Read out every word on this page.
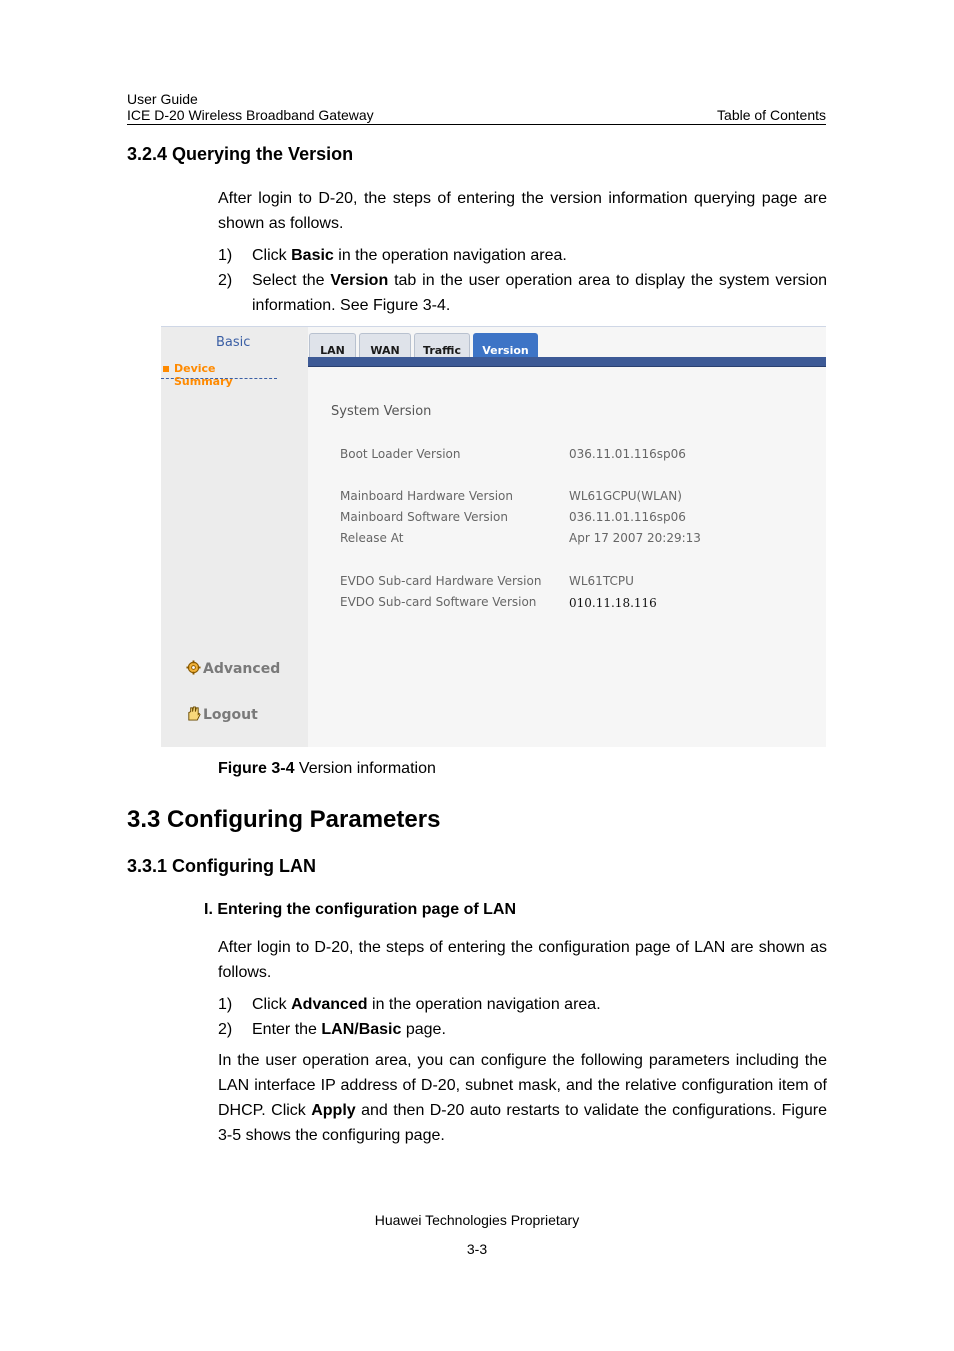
User Guide
ICE D-20 Wireless Broadband Gateway	Table of Contents
3.2.4 Querying the Version
After login to D-20, the steps of entering the version information querying page are shown as follows.
1) Click Basic in the operation navigation area.
2) Select the Version tab in the user operation area to display the system version information. See Figure 3-4.
Basic
Device Summary
Advanced
Logout
LAN	WAN	Traffic	Version
System Version
Boot Loader Version	036.11.01.116sp06
Mainboard Hardware Version	WL61GCPU(WLAN)
Mainboard Software Version	036.11.01.116sp06
Release At	Apr 17 2007 20:29:13
EVDO Sub-card Hardware Version WL61TCPU
EVDO Sub-card Software Version	010.11.18.116
Figure 3-4 Version information
3.3 Configuring Parameters
3.3.1 Configuring LAN
I. Entering the configuration page of LAN
After login to D-20, the steps of entering the configuration page of LAN are shown as follows.
1) Click Advanced in the operation navigation area.
2) Enter the LAN/Basic page.
In the user operation area, you can configure the following parameters including the LAN interface IP address of D-20, subnet mask, and the relative configuration item of DHCP. Click Apply and then D-20 auto restarts to validate the configurations. Figure 3-5 shows the configuring page.
Huawei Technologies Proprietary
3-3
